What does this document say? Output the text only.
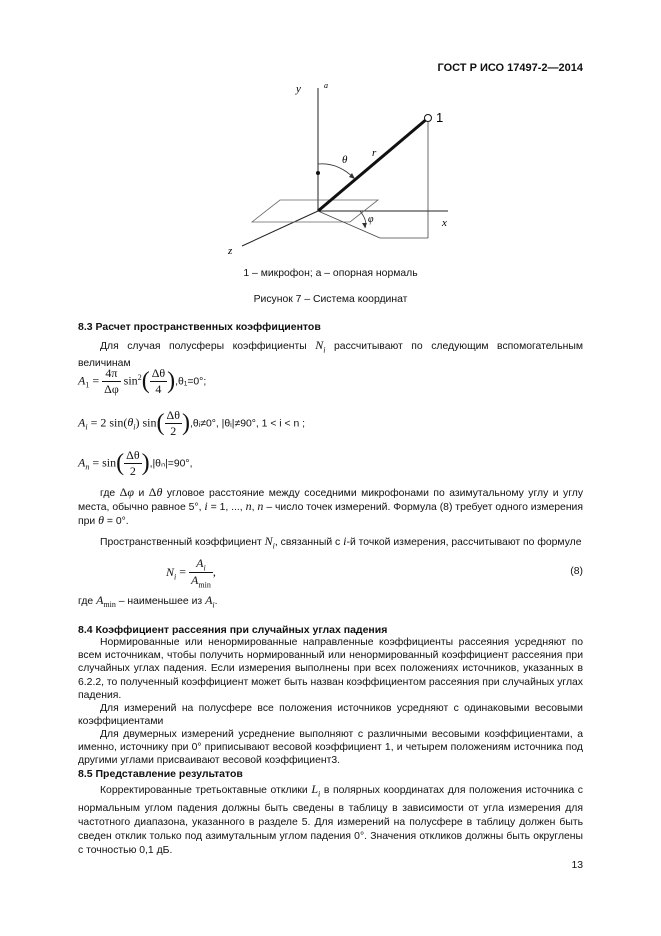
ГОСТ Р ИСО 17497-2—2014
y	a
1
r
θ
φ	x
z
1 – микрофон; а – опорная нормаль
Рисунок 7 – Система координат
8.3 Расчет пространственных коэффициентов
Для случая полусферы коэффициенты $N_i$ рассчитывают по следующим вспомогательным величинам
$A_1 = \frac{4\pi}{\Delta\varphi} \sin^2( \frac{\Delta\theta}{4} ),\theta_1=0^\circ$;
$A_i = 2$ $\sin(\theta_i)$ $\sin( \frac{\Delta\theta}{2}$ ),θᵢ≠0°, |θᵢ|≠90°, 1 < i < n ;
$A_n = \sin( \frac{\Delta\theta}{2} ),|\theta_n|=90^\circ$,
где Δφ и Δθ угловое расстояние между соседними микрофонами по азимутальному углу и углу места, обычно равное 5°, i = 1, ..., n, n – число точек измерений. Формула (8) требует одного измерения при θ = 0°.
Пространственный коэффициент $N_i$, связанный с i-й точкой измерения, рассчитывают по формуле
$N_i = \frac{A_i}{A_{min}}$ ,	(8)
где $A_{min}$ – наименьшее из $A_i$.
8.4 Коэффициент рассеяния при случайных углах падения
Нормированные или ненормированные направленные коэффициенты рассеяния усредняют по всем источникам, чтобы получить нормированный или ненормированный коэффициент рассеяния при случайных углах падения. Если измерения выполнены при всех положениях источников, указанных в 6.2.2, то полученный коэффициент может быть назван коэффициентом рассеяния при случайных углах падения.
Для измерений на полусфере все положения источников усредняют с одинаковыми весовыми коэффициентами
Для двумерных измерений усреднение выполняют с различными весовыми коэффициентами, а именно, источнику при 0° приписывают весовой коэффициент 1, и четырем положениям источника под другими углами присваивают весовой коэффициент3.
8.5 Представление результатов
Корректированные третьоктавные отклики $L_i$ в полярных координатах для положения источника с нормальным углом падения должны быть сведены в таблицу в зависимости от угла измерения для частотного диапазона, указанного в разделе 5. Для измерений на полусфере в таблицу должен быть сведен отклик только под азимутальным углом падения 0°. Значения откликов должны быть округлены с точностью 0,1 дБ.
13
